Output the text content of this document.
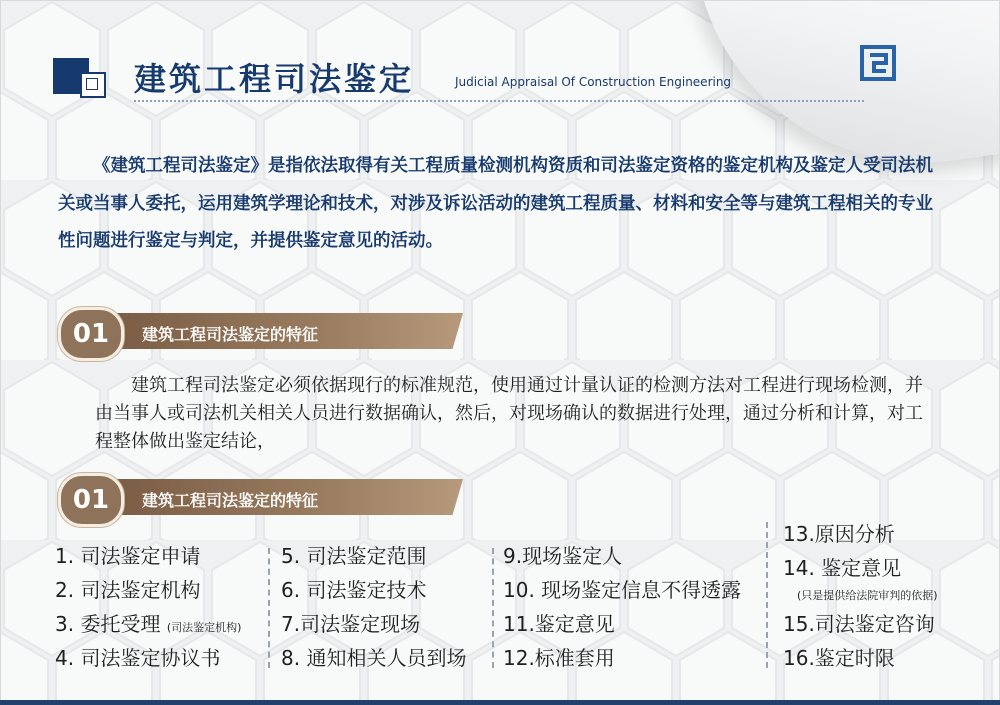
建筑工程司法鉴定	Judicial Appraisal Of Construction Engineering

《建筑工程司法鉴定》是指依法取得有关工程质量检测机构资质和司法鉴定资格的鉴定机构及鉴定人受司法机关或当事人委托，运用建筑学理论和技术，对涉及诉讼活动的建筑工程质量、材料和安全等与建筑工程相关的专业性问题进行鉴定与判定，并提供鉴定意见的活动。

01	建筑工程司法鉴定的特征

建筑工程司法鉴定必须依据现行的标准规范，使用通过计量认证的检测方法对工程进行现场检测，并由当事人或司法机关相关人员进行数据确认，然后，对现场确认的数据进行处理，通过分析和计算，对工程整体做出鉴定结论，

01	建筑工程司法鉴定的特征
1. 司法鉴定申请
2. 司法鉴定机构
3. 委托受理 (司法鉴定机构)
4. 司法鉴定协议书
5. 司法鉴定范围
6. 司法鉴定技术
7.司法鉴定现场
8. 通知相关人员到场
9.现场鉴定人
10. 现场鉴定信息不得透露
11.鉴定意见
12.标准套用
13.原因分析
14. 鉴定意见
(只是提供给法院审判的依据)
15.司法鉴定咨询
16.鉴定时限
